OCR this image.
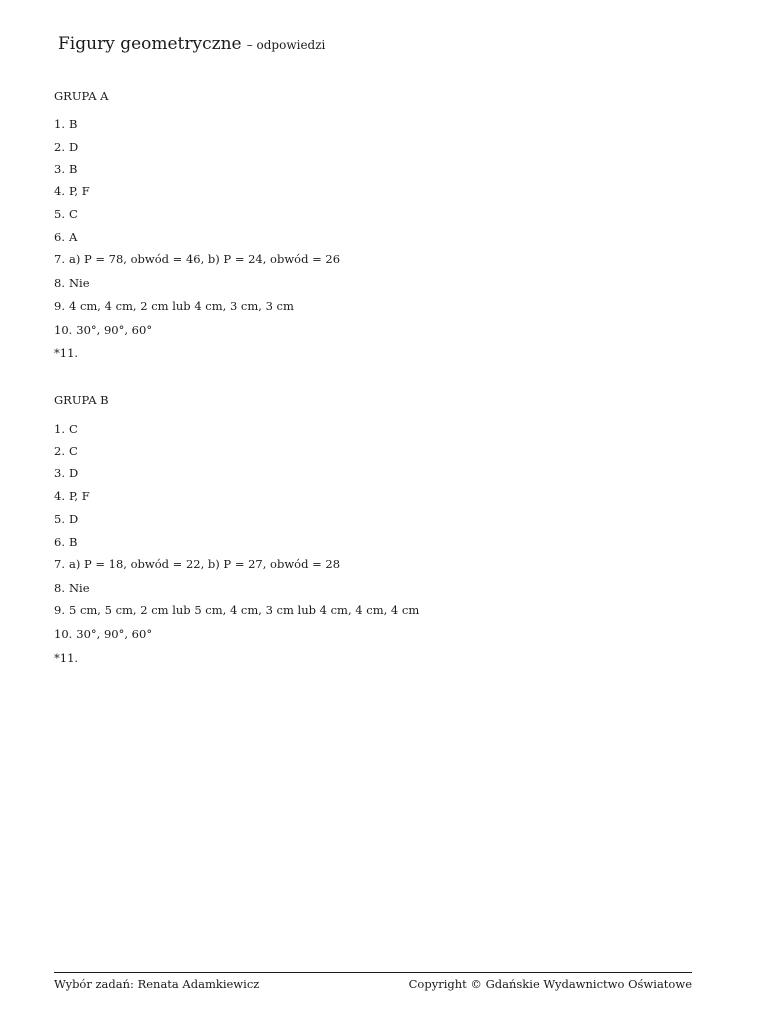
Figury geometryczne – odpowiedzi
GRUPA A
1. B
2. D
3. B
4. P, F
5. C
6. A
7. a) P = 78, obwód = 46, b) P = 24, obwód = 26
8. Nie
9. 4 cm, 4 cm, 2 cm lub 4 cm, 3 cm, 3 cm
10. 30°, 90°, 60°
*11.
GRUPA B
1. C
2. C
3. D
4. P, F
5. D
6. B
7. a) P = 18, obwód = 22, b) P = 27, obwód = 28
8. Nie
9. 5 cm, 5 cm, 2 cm lub 5 cm, 4 cm, 3 cm lub 4 cm, 4 cm, 4 cm
10. 30°, 90°, 60°
*11.
Wybór zadań: Renata Adamkiewicz	Copyright © Gdańskie Wydawnictwo Oświatowe
